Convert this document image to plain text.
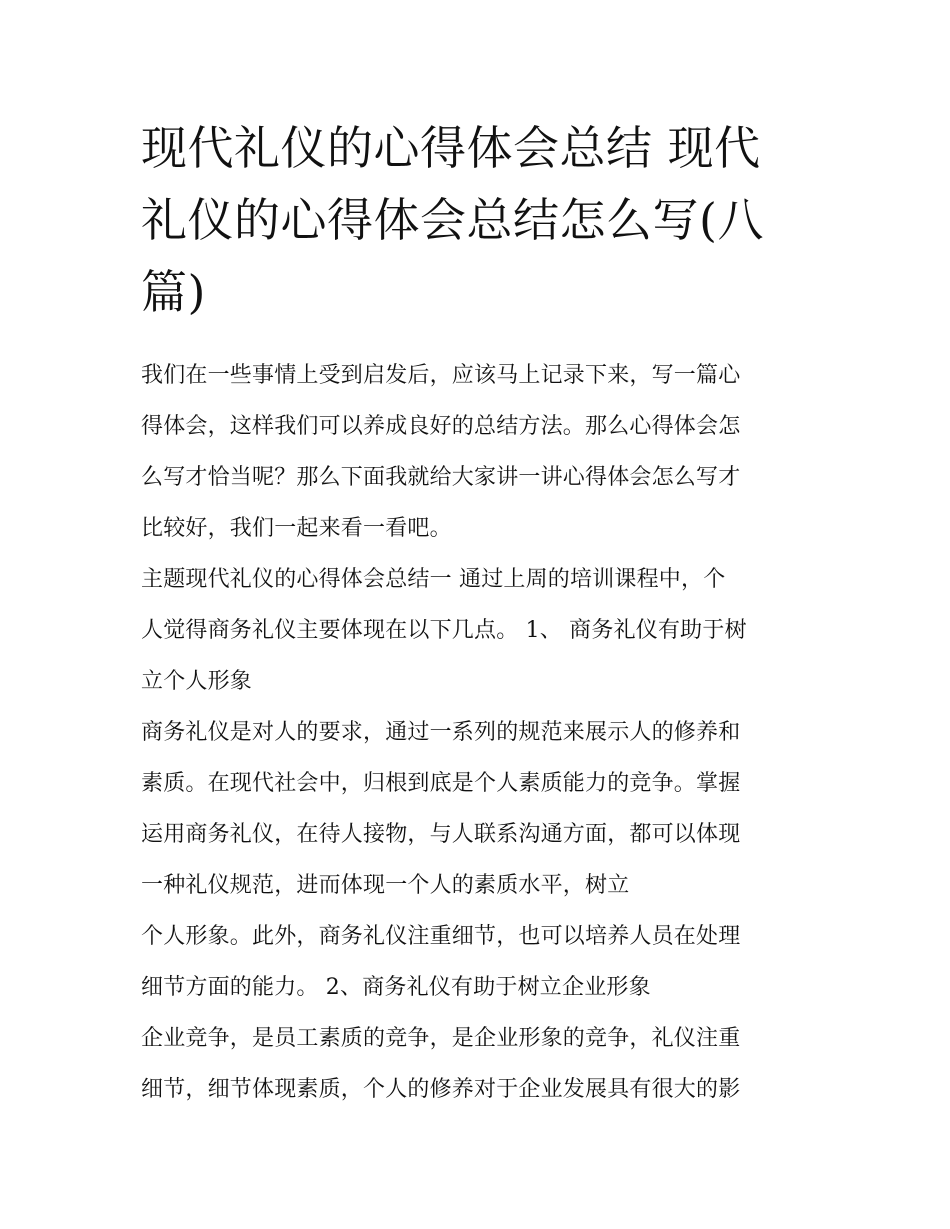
现代礼仪的心得体会总结 现代
礼仪的心得体会总结怎么写(八
篇)

我们在一些事情上受到启发后，应该马上记录下来，写一篇心
得体会，这样我们可以养成良好的总结方法。那么心得体会怎
么写才恰当呢？那么下面我就给大家讲一讲心得体会怎么写才
比较好，我们一起来看一看吧。

主题现代礼仪的心得体会总结一 通过上周的培训课程中，个
人觉得商务礼仪主要体现在以下几点。 1、 商务礼仪有助于树
立个人形象

商务礼仪是对人的要求，通过一系列的规范来展示人的修养和
素质。在现代社会中，归根到底是个人素质能力的竞争。掌握
运用商务礼仪，在待人接物，与人联系沟通方面，都可以体现
一种礼仪规范，进而体现一个人的素质水平，树立

个人形象。此外，商务礼仪注重细节，也可以培养人员在处理
细节方面的能力。 2、商务礼仪有助于树立企业形象

企业竞争，是员工素质的竞争，是企业形象的竞争，礼仪注重
细节，细节体现素质，个人的修养对于企业发展具有很大的影
